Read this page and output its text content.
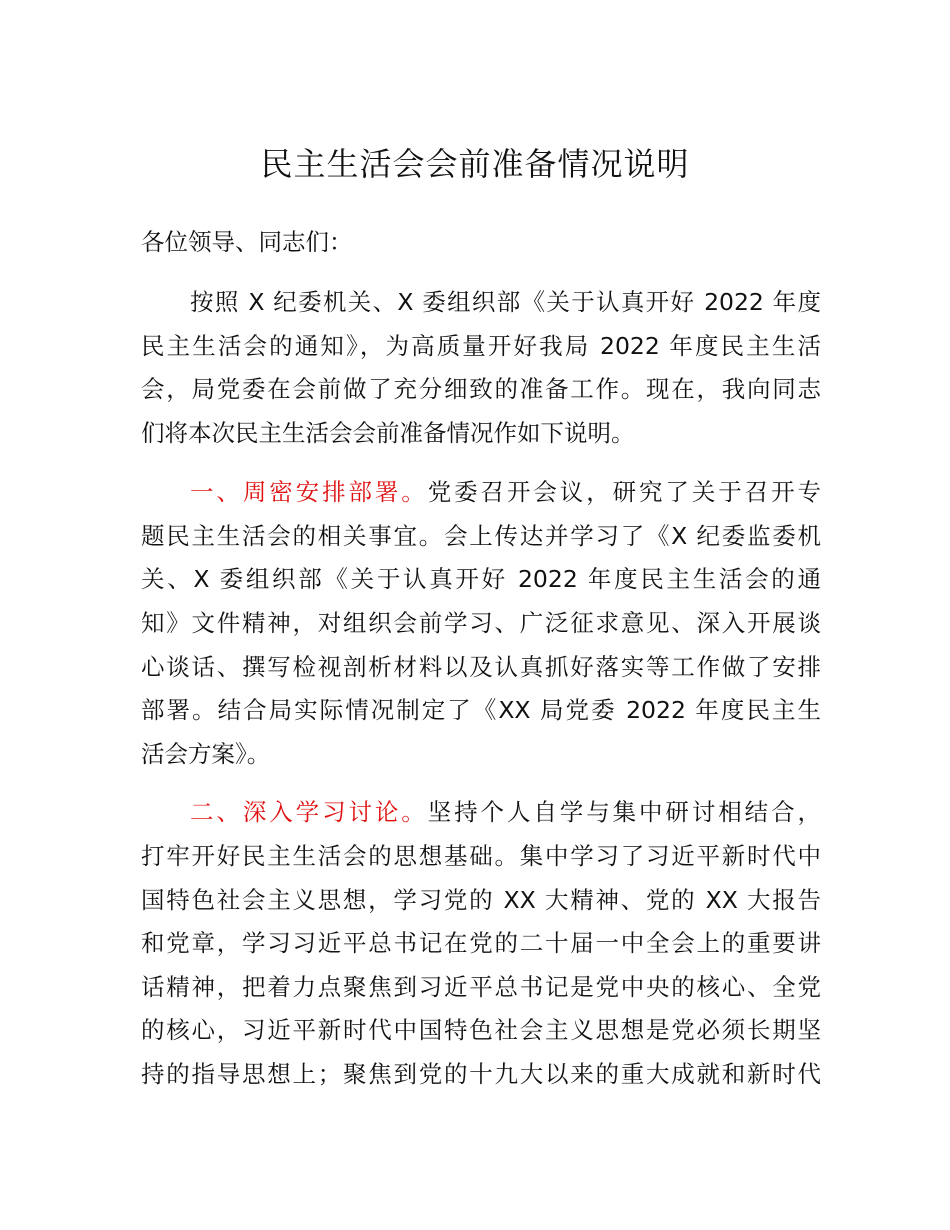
民主生活会会前准备情况说明
各位领导、同志们：
按照 X 纪委机关、X 委组织部《关于认真开好 2022 年度
民主生活会的通知》，为高质量开好我局 2022 年度民主生活
会，局党委在会前做了充分细致的准备工作。现在，我向同志
们将本次民主生活会会前准备情况作如下说明。
一、周密安排部署。党委召开会议，研究了关于召开专
题民主生活会的相关事宜。会上传达并学习了《X 纪委监委机
关、X 委组织部《关于认真开好 2022 年度民主生活会的通
知》文件精神，对组织会前学习、广泛征求意见、深入开展谈
心谈话、撰写检视剖析材料以及认真抓好落实等工作做了安排
部署。结合局实际情况制定了《XX 局党委 2022 年度民主生
活会方案》。
二、深入学习讨论。坚持个人自学与集中研讨相结合，
打牢开好民主生活会的思想基础。集中学习了习近平新时代中
国特色社会主义思想，学习党的 XX 大精神、党的 XX 大报告
和党章，学习习近平总书记在党的二十届一中全会上的重要讲
话精神，把着力点聚焦到习近平总书记是党中央的核心、全党
的核心，习近平新时代中国特色社会主义思想是党必须长期坚
持的指导思想上；聚焦到党的十九大以来的重大成就和新时代
